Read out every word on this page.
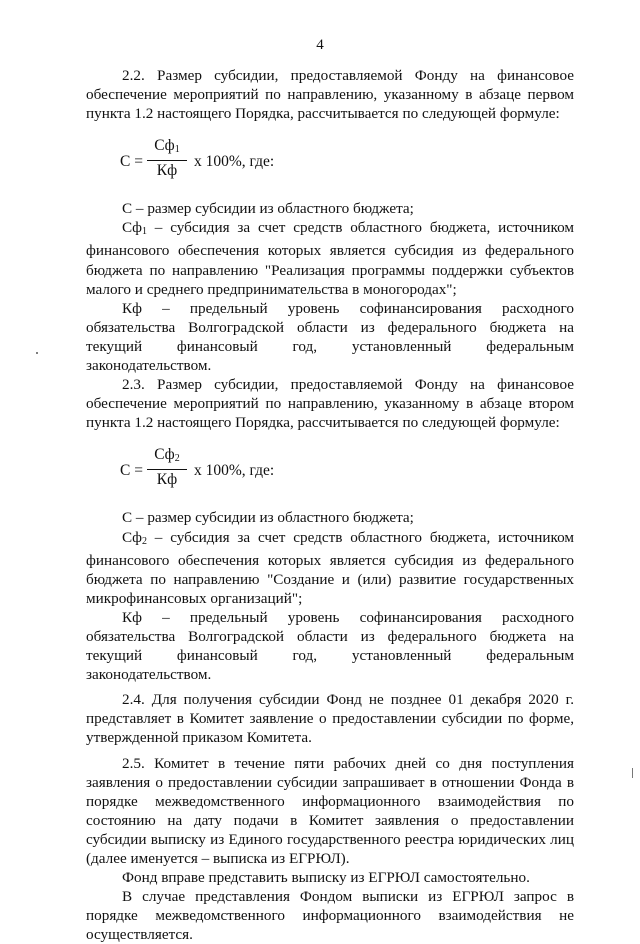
4

2.2. Размер субсидии, предоставляемой Фонду на финансовое обеспечение мероприятий по направлению, указанному в абзаце первом пункта 1.2 настоящего Порядка, рассчитывается по следующей формуле:

С =
$Сф_1$
Кф
х 100%, где:

С – размер субсидии из областного бюджета;

$Сф_1$ – субсидия за счет средств областного бюджета, источником финансового обеспечения которых является субсидия из федерального бюджета по направлению "Реализация программы поддержки субъектов малого и среднего предпринимательства в моногородах";

Кф – предельный уровень софинансирования расходного обязательства Волгоградской области из федерального бюджета на текущий финансовый год, установленный федеральным законодательством.

2.3. Размер субсидии, предоставляемой Фонду на финансовое обеспечение мероприятий по направлению, указанному в абзаце втором пункта 1.2 настоящего Порядка, рассчитывается по следующей формуле:

С =
$Сф_2$
Кф
х 100%, где:

С – размер субсидии из областного бюджета;

$Сф_2$ – субсидия за счет средств областного бюджета, источником финансового обеспечения которых является субсидия из федерального бюджета по направлению "Создание и (или) развитие государственных микрофинансовых организаций";

Кф – предельный уровень софинансирования расходного обязательства Волгоградской области из федерального бюджета на текущий финансовый год, установленный федеральным законодательством.

2.4. Для получения субсидии Фонд не позднее 01 декабря 2020 г. представляет в Комитет заявление о предоставлении субсидии по форме, утвержденной приказом Комитета.

2.5. Комитет в течение пяти рабочих дней со дня поступления заявления о предоставлении субсидии запрашивает в отношении Фонда в порядке межведомственного информационного взаимодействия по состоянию на дату подачи в Комитет заявления о предоставлении субсидии выписку из Единого государственного реестра юридических лиц (далее именуется – выписка из ЕГРЮЛ).

Фонд вправе представить выписку из ЕГРЮЛ самостоятельно.

В случае представления Фондом выписки из ЕГРЮЛ запрос в порядке межведомственного информационного взаимодействия не осуществляется.
